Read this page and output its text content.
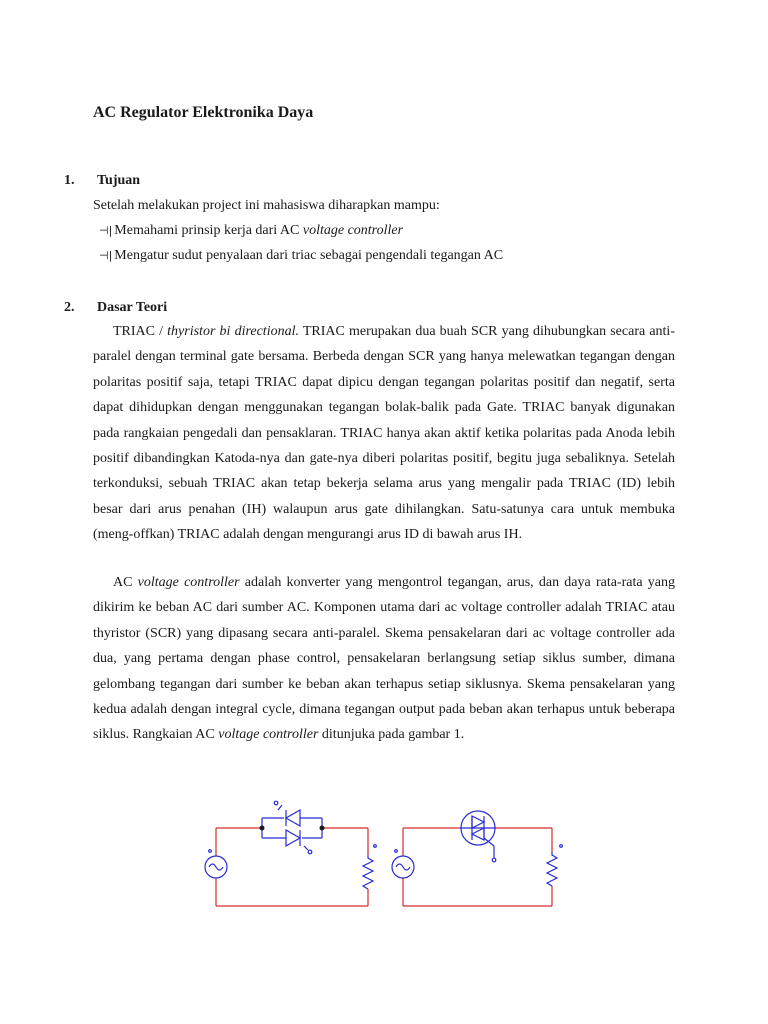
AC Regulator Elektronika Daya
1. Tujuan
Setelah melakukan project ini mahasiswa diharapkan mampu:
⊣| Memahami prinsip kerja dari AC voltage controller
⊣| Mengatur sudut penyalaan dari triac sebagai pengendali tegangan AC
2. Dasar Teori

TRIAC / thyristor bi directional. TRIAC merupakan dua buah SCR yang dihubungkan secara anti-paralel dengan terminal gate bersama. Berbeda dengan SCR yang hanya melewatkan tegangan dengan polaritas positif saja, tetapi TRIAC dapat dipicu dengan tegangan polaritas positif dan negatif, serta dapat dihidupkan dengan menggunakan tegangan bolak-balik pada Gate. TRIAC banyak digunakan pada rangkaian pengedali dan pensaklaran. TRIAC hanya akan aktif ketika polaritas pada Anoda lebih positif dibandingkan Katoda-nya dan gate-nya diberi polaritas positif, begitu juga sebaliknya. Setelah terkonduksi, sebuah TRIAC akan tetap bekerja selama arus yang mengalir pada TRIAC (ID) lebih besar dari arus penahan (IH) walaupun arus gate dihilangkan. Satu-satunya cara untuk membuka (meng-offkan) TRIAC adalah dengan mengurangi arus ID di bawah arus IH.

AC voltage controller adalah konverter yang mengontrol tegangan, arus, dan daya rata-rata yang dikirim ke beban AC dari sumber AC. Komponen utama dari ac voltage controller adalah TRIAC atau thyristor (SCR) yang dipasang secara anti-paralel. Skema pensakelaran dari ac voltage controller ada dua, yang pertama dengan phase control, pensakelaran berlangsung setiap siklus sumber, dimana gelombang tegangan dari sumber ke beban akan terhapus setiap siklusnya. Skema pensakelaran yang kedua adalah dengan integral cycle, dimana tegangan output pada beban akan terhapus untuk beberapa siklus. Rangkaian AC voltage controller ditunjuka pada gambar 1.
